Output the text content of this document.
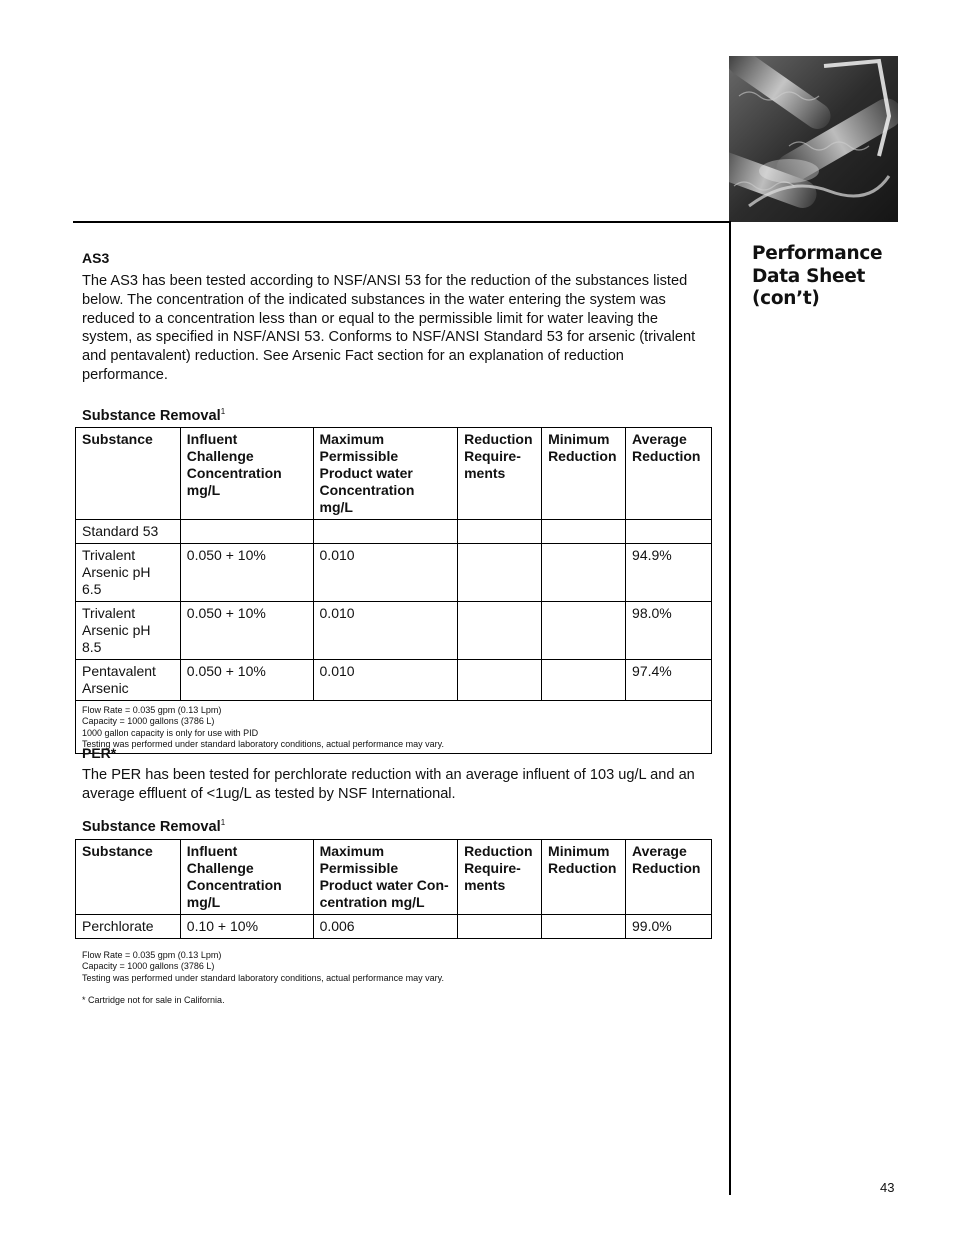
Performance
Data Sheet
(con’t)
AS3

The AS3 has been tested according to NSF/ANSI 53 for the reduction of the substances listed below. The concentration of the indicated substances in the water entering the system was reduced to a concentration less than or equal to the permissible limit for water leaving the system, as specified in NSF/ANSI 53. Conforms to NSF/ANSI Standard 53 for arsenic (trivalent and pentavalent) reduction. See Arsenic Fact section for an explanation of reduction performance.

Substance Removal$^1$
Substance	Influent Challenge Concentration mg/L	Maximum Permissible Product water Concentration mg/L	Reduction Require-ments	Minimum Reduction	Average Reduction
Standard 53					
Trivalent Arsenic pH 6.5	0.050 + 10%	0.010			94.9%
Trivalent Arsenic pH 8.5	0.050 + 10%	0.010			98.0%
Pentavalent Arsenic	0.050 + 10%	0.010			97.4%

Flow Rate = 0.035 gpm (0.13 Lpm)
Capacity = 1000 gallons (3786 L)
1000 gallon capacity is only for use with PID
Testing was performed under standard laboratory conditions, actual performance may vary.					
PER*

The PER has been tested for perchlorate reduction with an average influent of 103 ug/L and an average effluent of <1ug/L as tested by NSF International.

Substance Removal$^1$
Substance	Influent Challenge Concentration mg/L	Maximum Permissible Product water Con-centration mg/L	Reduction Require-ments	Minimum Reduction	Average Reduction
Perchlorate	0.10 + 10%	0.006			99.0%
Flow Rate = 0.035 gpm (0.13 Lpm)
Capacity = 1000 gallons (3786 L)
Testing was performed under standard laboratory conditions, actual performance may vary.
* Cartridge not for sale in California.
43
